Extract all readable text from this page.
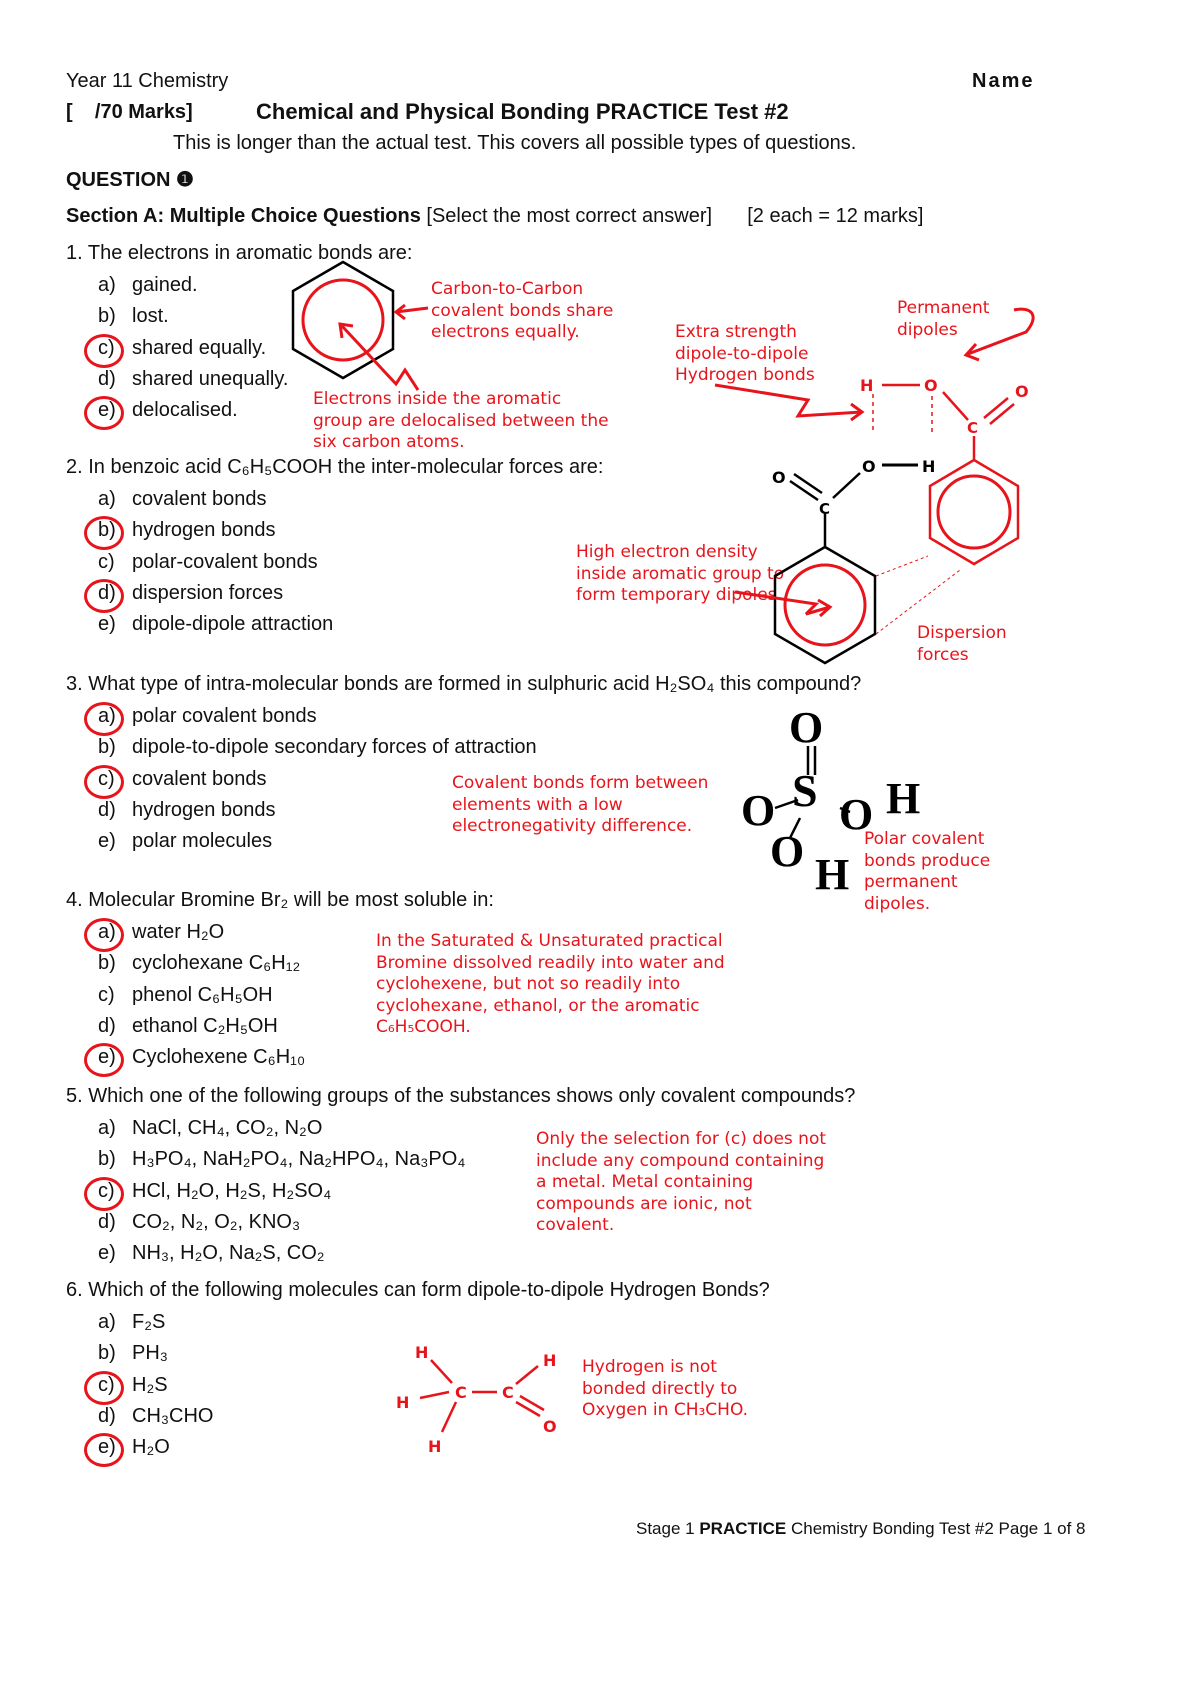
Year 11 Chemistry	Name
[    /70 Marks]	Chemical and Physical Bonding PRACTICE Test #2
This is longer than the actual test. This covers all possible types of questions.
QUESTION ❶
Section A: Multiple Choice Questions [Select the most correct answer] [2 each = 12 marks]
1. The electrons in aromatic bonds are:
a) gained.
b) lost.
c) shared equally.
d) shared unequally.
e) delocalised.
2. In benzoic acid C₆H₅COOH the inter-molecular forces are:
a) covalent bonds
b) hydrogen bonds
c) polar-covalent bonds
d) dispersion forces
e) dipole-dipole attraction
3. What type of intra-molecular bonds are formed in sulphuric acid H₂SO₄ this compound?
a) polar covalent bonds
b) dipole-to-dipole secondary forces of attraction
c) covalent bonds
d) hydrogen bonds
e) polar molecules
4. Molecular Bromine Br₂ will be most soluble in:
a) water H₂O
b) cyclohexane C₆H₁₂
c) phenol C₆H₅OH
d) ethanol C₂H₅OH
e) Cyclohexene C₆H₁₀
5. Which one of the following groups of the substances shows only covalent compounds?
a) NaCl, CH₄, CO₂, N₂O
b) H₃PO₄, NaH₂PO₄, Na₂HPO₄, Na₃PO₄
c) HCl, H₂O, H₂S, H₂SO₄
d) CO₂, N₂, O₂, KNO₃
e) NH₃, H₂O, Na₂S, CO₂
6. Which of the following molecules can form dipole-to-dipole Hydrogen Bonds?
a) F₂S
b) PH₃
c) H₂S
d) CH₃CHO
e) H₂O
Carbon-to-Carbon
covalent bonds share
electrons equally.
Electrons inside the aromatic
group are delocalised between the
six carbon atoms.
Extra strength
dipole-to-dipole
Hydrogen bonds
Permanent
dipoles
High electron density
inside aromatic group to
form temporary dipoles
Dispersion
forces
Covalent bonds form between
elements with a low
electronegativity difference.
Polar covalent
bonds produce
permanent
dipoles.
In the Saturated & Unsaturated practical
Bromine dissolved readily into water and
cyclohexene, but not so readily into
cyclohexane, ethanol, or the aromatic
C₆H₅COOH.
Only the selection for (c) does not
include any compound containing
a metal. Metal containing
compounds are ionic, not
covalent.
Hydrogen is not
bonded directly to
Oxygen in CH₃CHO.
O
C
O	H
H	O	O
C
O
S
O O H
O H
H	H
H
H
C C
O
Stage 1 PRACTICE Chemistry Bonding Test #2 Page 1 of 8
